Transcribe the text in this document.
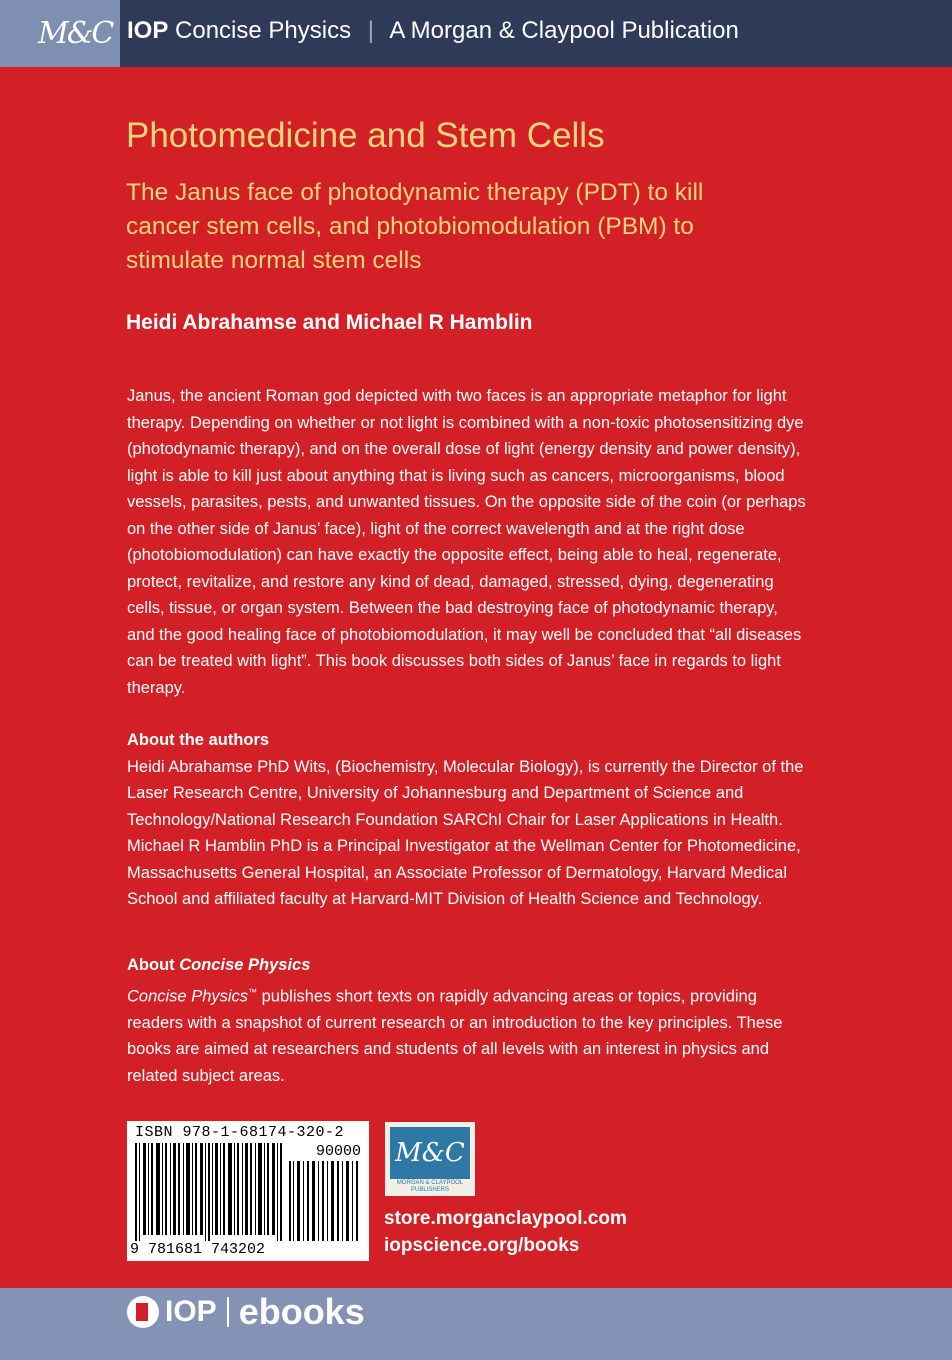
M&C IOP Concise Physics | A Morgan & Claypool Publication
Photomedicine and Stem Cells
The Janus face of photodynamic therapy (PDT) to kill cancer stem cells, and photobiomodulation (PBM) to stimulate normal stem cells
Heidi Abrahamse and Michael R Hamblin

Janus, the ancient Roman god depicted with two faces is an appropriate metaphor for light therapy. Depending on whether or not light is combined with a non-toxic photosensitizing dye (photodynamic therapy), and on the overall dose of light (energy density and power density), light is able to kill just about anything that is living such as cancers, microorganisms, blood vessels, parasites, pests, and unwanted tissues. On the opposite side of the coin (or perhaps on the other side of Janus’ face), light of the correct wavelength and at the right dose (photobiomodulation) can have exactly the opposite effect, being able to heal, regenerate, protect, revitalize, and restore any kind of dead, damaged, stressed, dying, degenerating cells, tissue, or organ system. Between the bad destroying face of photodynamic therapy, and the good healing face of photobiomodulation, it may well be concluded that “all diseases can be treated with light”. This book discusses both sides of Janus’ face in regards to light therapy.

About the authors
Heidi Abrahamse PhD Wits, (Biochemistry, Molecular Biology), is currently the Director of the Laser Research Centre, University of Johannesburg and Department of Science and Technology/National Research Foundation SARChI Chair for Laser Applications in Health. Michael R Hamblin PhD is a Principal Investigator at the Wellman Center for Photomedicine, Massachusetts General Hospital, an Associate Professor of Dermatology, Harvard Medical School and affiliated faculty at Harvard-MIT Division of Health Science and Technology.
About Concise Physics
Concise Physics™ publishes short texts on rapidly advancing areas or topics, providing readers with a snapshot of current research or an introduction to the key principles. These books are aimed at researchers and students of all levels with an interest in physics and related subject areas.
ISBN 978-1-68174-320-2
90000
9 781681 743202
M&C
MORGAN & CLAYPOOL PUBLISHERS
store.morganclaypool.com
iopscience.org/books
IOP ebooks
